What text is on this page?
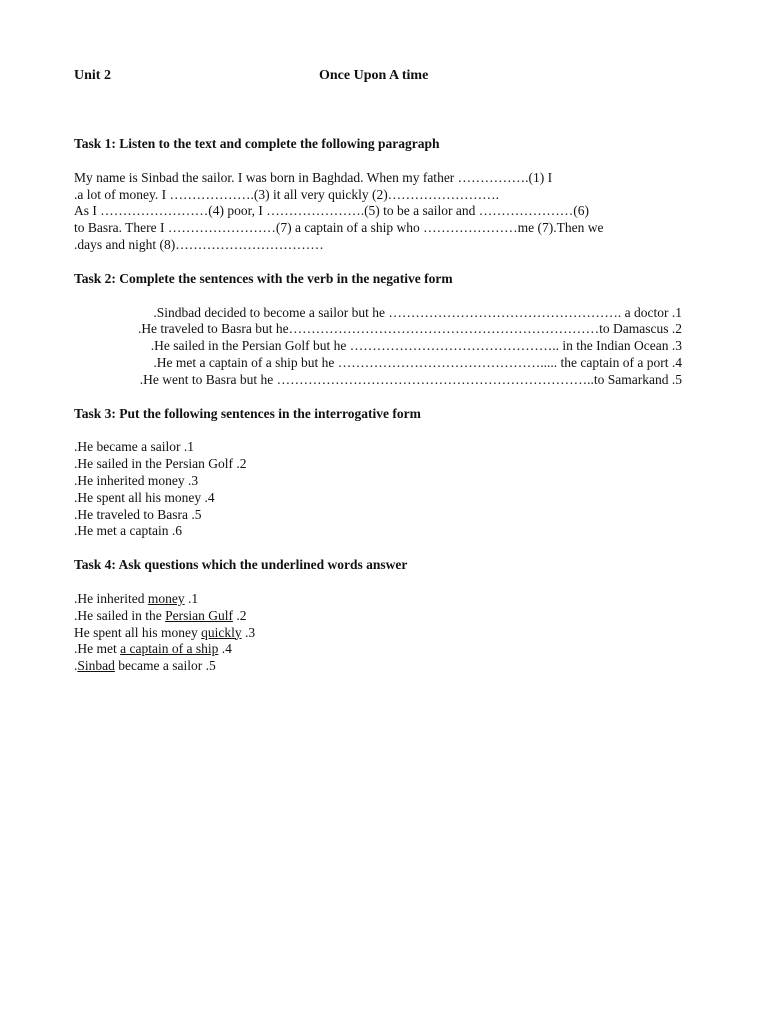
Unit 2	Once Upon A time

Task 1: Listen to the text and complete the following paragraph

My name is Sinbad the sailor. I was born in Baghdad. When my father …………….(1) I

.a lot of money. I ……………….(3) it all very quickly (2)…………………….

As I ……………………(4) poor, I ………………….(5) to be a sailor and …………………(6)

to Basra. There I ……………………(7) a captain of a ship who …………………me (7).Then we

.days and night (8)……………………………

Task 2: Complete the sentences with the verb in the negative form

.Sindbad decided to become a sailor but he ……………………………………………. a doctor .1

.He traveled to Basra but he……………………………………………………………to Damascus .2

.He sailed in the Persian Golf but he ……………………………………….. in the Indian Ocean .3

.He met a captain of a ship but he ………………………………………..... the captain of a port .4

.He went to Basra but he ……………………………………………………………..to Samarkand .5

Task 3: Put the following sentences in the interrogative form

.He became a sailor .1

.He sailed in the Persian Golf .2

.He inherited money .3

.He spent all his money .4

.He traveled to Basra .5

.He met a captain .6

Task 4: Ask questions which the underlined words answer

.He inherited money .1

.He sailed in the Persian Gulf .2

He spent all his money quickly .3

.He met a captain of a ship .4

.Sinbad became a sailor .5
